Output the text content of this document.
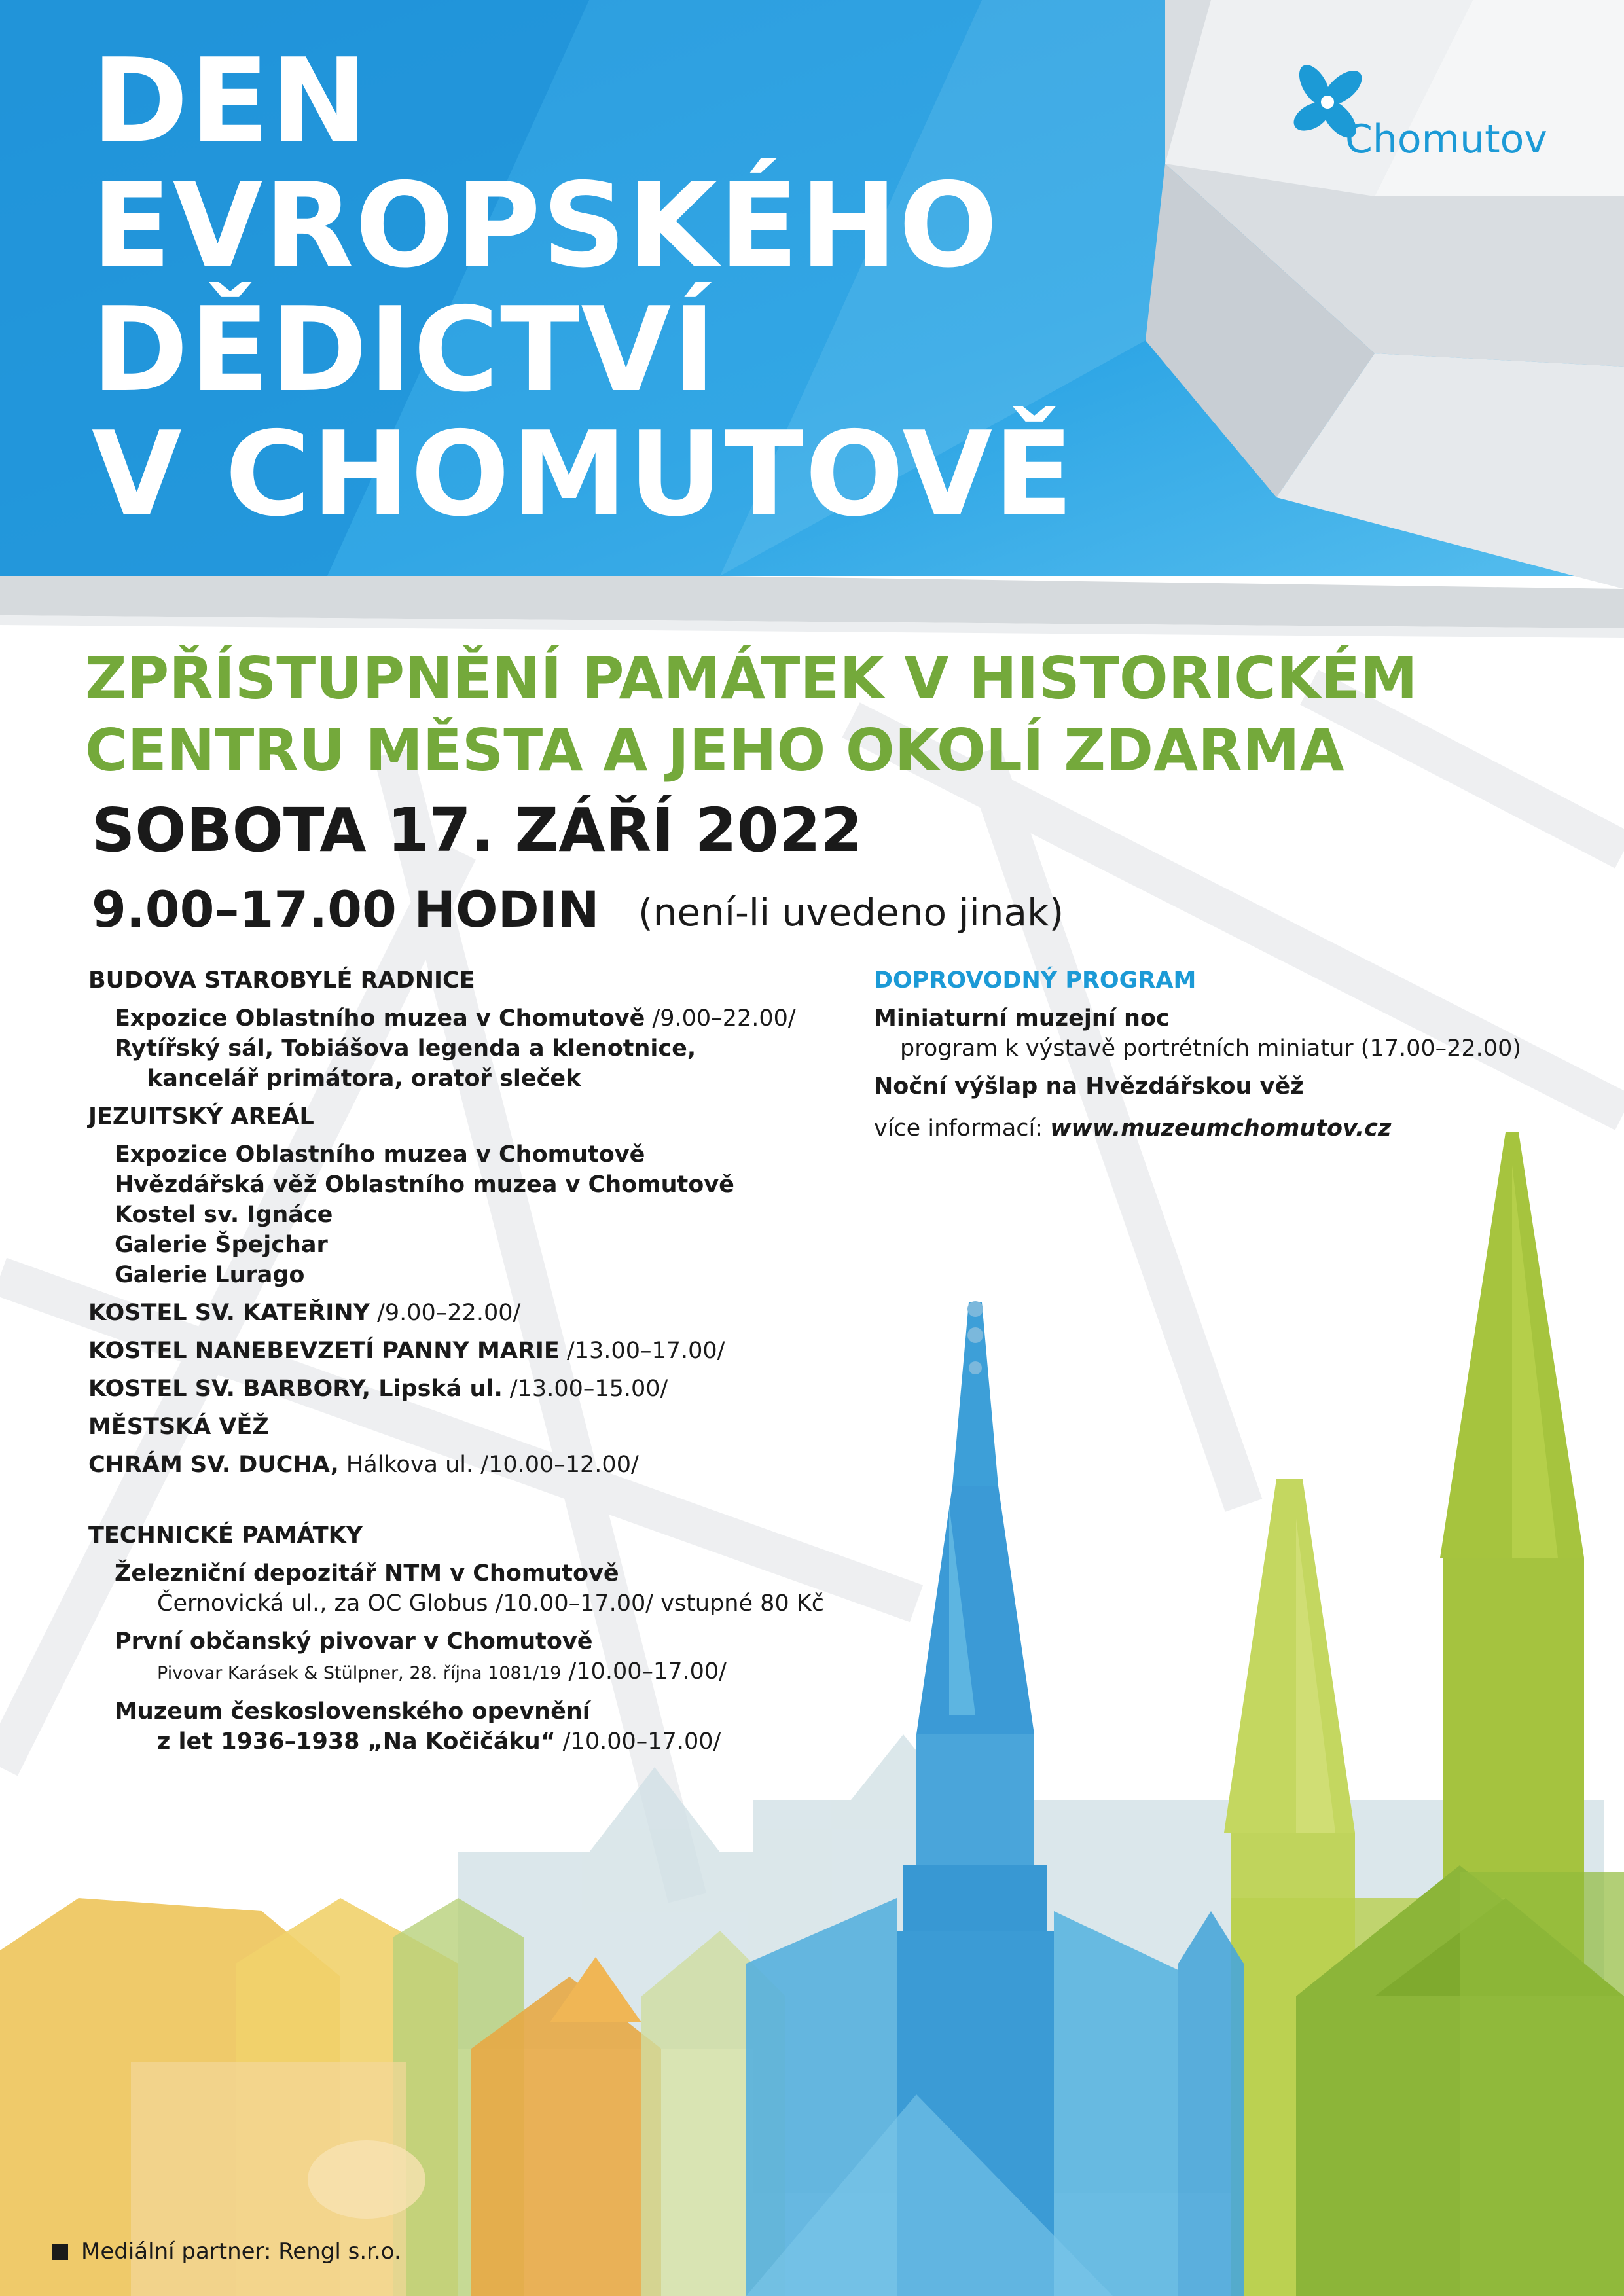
Chomutov
DEN
EVROPSKÉHO
DĚDICTVÍ
V CHOMUTOVĚ
ZPŘÍSTUPNĚNÍ PAMÁTEK V HISTORICKÉM
CENTRU MĚSTA A JEHO OKOLÍ ZDARMA
SOBOTA 17. ZÁŘÍ 2022
9.00–17.00 HODIN (není-li uvedeno jinak)
BUDOVA STAROBYLÉ RADNICE
Expozice Oblastního muzea v Chomutově /9.00–22.00/
Rytířský sál, Tobiášova legenda a klenotnice,
kancelář primátora, oratoř sleček
JEZUITSKÝ AREÁL
Expozice Oblastního muzea v Chomutově
Hvězdářská věž Oblastního muzea v Chomutově
Kostel sv. Ignáce
Galerie Špejchar
Galerie Lurago
KOSTEL SV. KATEŘINY /9.00–22.00/
KOSTEL NANEBEVZETÍ PANNY MARIE /13.00–17.00/
KOSTEL SV. BARBORY, Lipská ul. /13.00–15.00/
MĚSTSKÁ VĚŽ
CHRÁM SV. DUCHA, Hálkova ul. /10.00–12.00/
TECHNICKÉ PAMÁTKY
Železniční depozitář NTM v Chomutově
Černovická ul., za OC Globus /10.00–17.00/ vstupné 80 Kč
První občanský pivovar v Chomutově
Pivovar Karásek & Stülpner, 28. října 1081/19 /10.00–17.00/
Muzeum československého opevnění
z let 1936–1938 „Na Kočičáku“ /10.00–17.00/
DOPROVODNÝ PROGRAM
Miniaturní muzejní noc
program k výstavě portrétních miniatur (17.00–22.00)
Noční výšlap na Hvězdářskou věž
více informací: www.muzeumchomutov.cz
Mediální partner: Rengl s.r.o.
